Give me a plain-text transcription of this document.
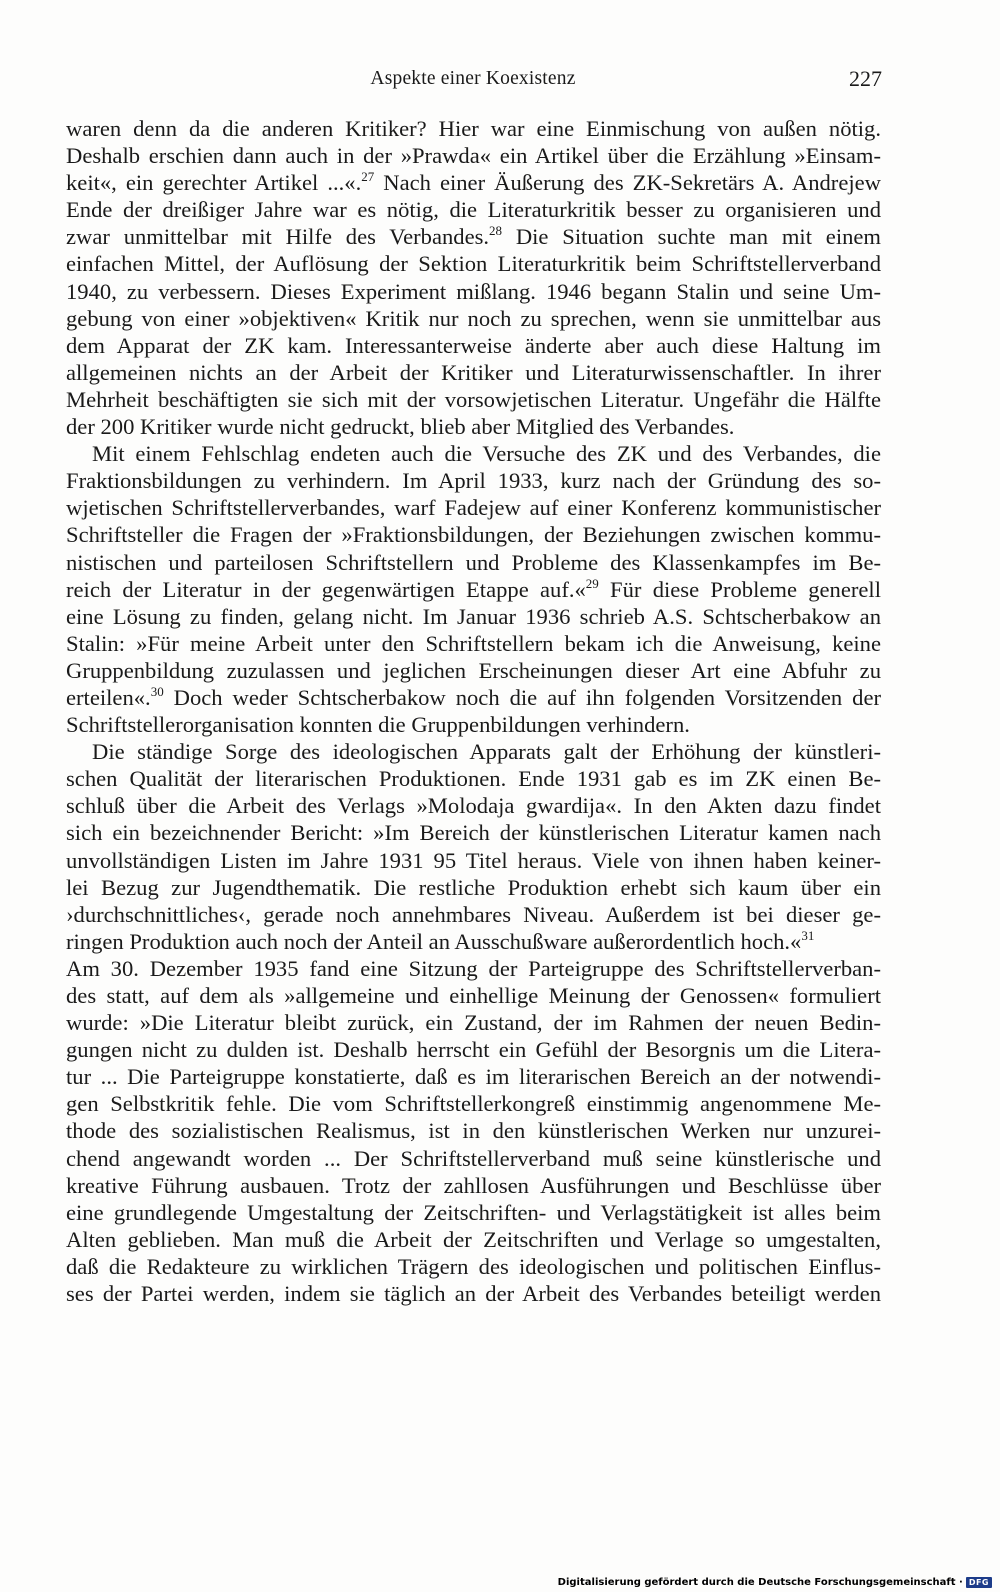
Aspekte einer Koexistenz	227
waren denn da die anderen Kritiker? Hier war eine Einmischung von außen nötig.
Deshalb erschien dann auch in der »Prawda« ein Artikel über die Erzählung »Einsam-
keit«, ein gerechter Artikel ...«.$^{27}$ Nach einer Äußerung des ZK-Sekretärs A. Andrejew
Ende der dreißiger Jahre war es nötig, die Literaturkritik besser zu organisieren und
zwar unmittelbar mit Hilfe des Verbandes.$^{28}$ Die Situation suchte man mit einem
einfachen Mittel, der Auflösung der Sektion Literaturkritik beim Schriftstellerverband
1940, zu verbessern. Dieses Experiment mißlang. 1946 begann Stalin und seine Um-
gebung von einer »objektiven« Kritik nur noch zu sprechen, wenn sie unmittelbar aus
dem Apparat der ZK kam. Interessanterweise änderte aber auch diese Haltung im
allgemeinen nichts an der Arbeit der Kritiker und Literaturwissenschaftler. In ihrer
Mehrheit beschäftigten sie sich mit der vorsowjetischen Literatur. Ungefähr die Hälfte
der 200 Kritiker wurde nicht gedruckt, blieb aber Mitglied des Verbandes.
Mit einem Fehlschlag endeten auch die Versuche des ZK und des Verbandes, die
Fraktionsbildungen zu verhindern. Im April 1933, kurz nach der Gründung des so-
wjetischen Schriftstellerverbandes, warf Fadejew auf einer Konferenz kommunistischer
Schriftsteller die Fragen der »Fraktionsbildungen, der Beziehungen zwischen kommu-
nistischen und parteilosen Schriftstellern und Probleme des Klassenkampfes im Be-
reich der Literatur in der gegenwärtigen Etappe auf.«$^{29}$ Für diese Probleme generell
eine Lösung zu finden, gelang nicht. Im Januar 1936 schrieb A.S. Schtscherbakow an
Stalin: »Für meine Arbeit unter den Schriftstellern bekam ich die Anweisung, keine
Gruppenbildung zuzulassen und jeglichen Erscheinungen dieser Art eine Abfuhr zu
erteilen«.$^{30}$ Doch weder Schtscherbakow noch die auf ihn folgenden Vorsitzenden der
Schriftstellerorganisation konnten die Gruppenbildungen verhindern.
Die ständige Sorge des ideologischen Apparats galt der Erhöhung der künstleri-
schen Qualität der literarischen Produktionen. Ende 1931 gab es im ZK einen Be-
schluß über die Arbeit des Verlags »Molodaja gwardija«. In den Akten dazu findet
sich ein bezeichnender Bericht: »Im Bereich der künstlerischen Literatur kamen nach
unvollständigen Listen im Jahre 1931 95 Titel heraus. Viele von ihnen haben keiner-
lei Bezug zur Jugendthematik. Die restliche Produktion erhebt sich kaum über ein
›durchschnittliches‹, gerade noch annehmbares Niveau. Außerdem ist bei dieser ge-
ringen Produktion auch noch der Anteil an Ausschußware außerordentlich hoch.«$^{31}$
Am 30. Dezember 1935 fand eine Sitzung der Parteigruppe des Schriftstellerverban-
des statt, auf dem als »allgemeine und einhellige Meinung der Genossen« formuliert
wurde: »Die Literatur bleibt zurück, ein Zustand, der im Rahmen der neuen Bedin-
gungen nicht zu dulden ist. Deshalb herrscht ein Gefühl der Besorgnis um die Litera-
tur ... Die Parteigruppe konstatierte, daß es im literarischen Bereich an der notwendi-
gen Selbstkritik fehle. Die vom Schriftstellerkongreß einstimmig angenommene Me-
thode des sozialistischen Realismus, ist in den künstlerischen Werken nur unzurei-
chend angewandt worden ... Der Schriftstellerverband muß seine künstlerische und
kreative Führung ausbauen. Trotz der zahllosen Ausführungen und Beschlüsse über
eine grundlegende Umgestaltung der Zeitschriften- und Verlagstätigkeit ist alles beim
Alten geblieben. Man muß die Arbeit der Zeitschriften und Verlage so umgestalten,
daß die Redakteure zu wirklichen Trägern des ideologischen und politischen Einflus-
ses der Partei werden, indem sie täglich an der Arbeit des Verbandes beteiligt werden
Digitalisierung gefördert durch die Deutsche Forschungsgemeinschaft · DFG
